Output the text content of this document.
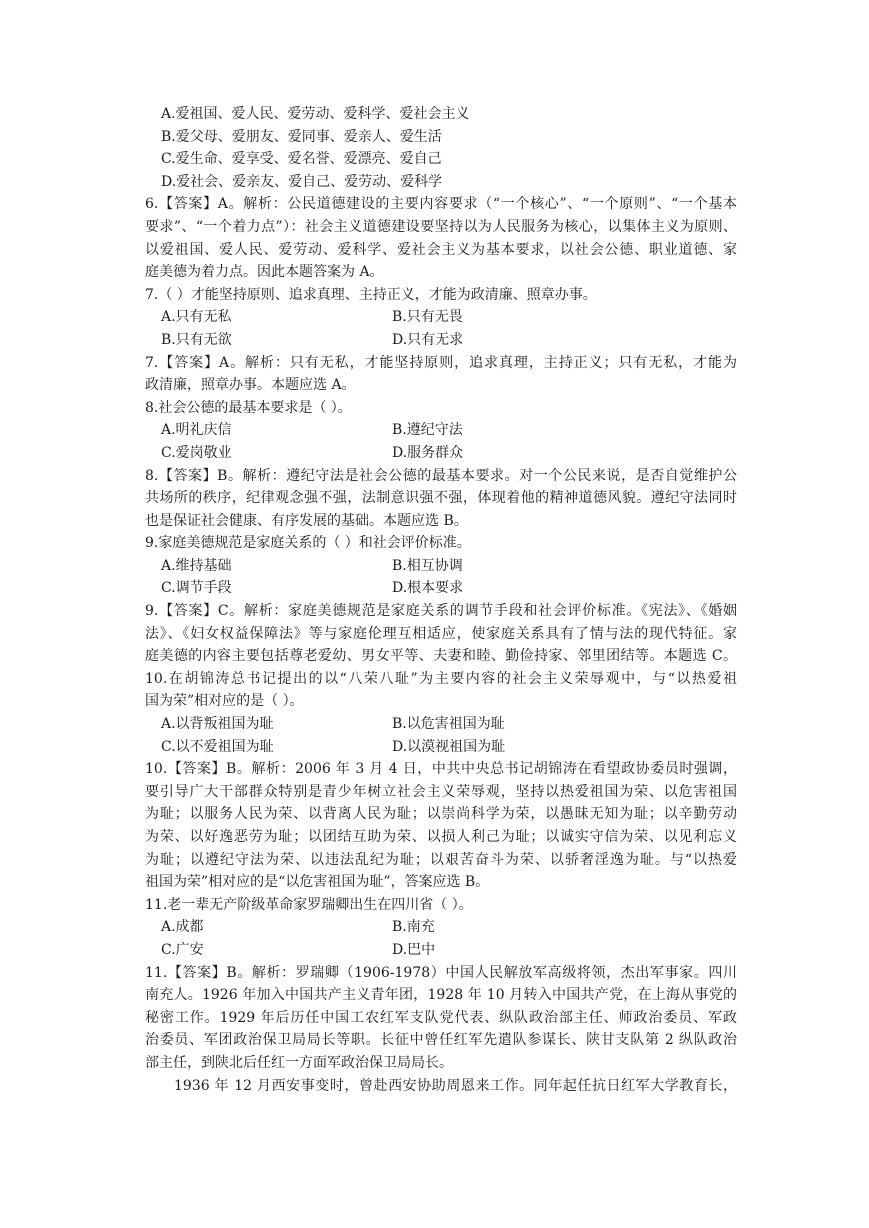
A.爱祖国、爱人民、爱劳动、爱科学、爱社会主义
B.爱父母、爱朋友、爱同事、爱亲人、爱生活
C.爱生命、爱享受、爱名誉、爱漂亮、爱自己
D.爱社会、爱亲友、爱自己、爱劳动、爱科学
6.【答案】A。解析：公民道德建设的主要内容要求（“一个核心”、“一个原则”、“一个基本
要求”、“一个着力点”）：社会主义道德建设要坚持以为人民服务为核心，以集体主义为原则、
以爱祖国、爱人民、爱劳动、爱科学、爱社会主义为基本要求，以社会公德、职业道德、家
庭美德为着力点。因此本题答案为 A。
7.（ ）才能坚持原则、追求真理、主持正义，才能为政清廉、照章办事。
A.只有无私	B.只有无畏
B.只有无欲	D.只有无求
7.【答案】A。解析：只有无私，才能坚持原则，追求真理，主持正义；只有无私，才能为
政清廉，照章办事。本题应选 A。
8.社会公德的最基本要求是（ ）。
A.明礼庆信	B.遵纪守法
C.爱岗敬业	D.服务群众
8.【答案】B。解析：遵纪守法是社会公德的最基本要求。对一个公民来说，是否自觉维护公
共场所的秩序，纪律观念强不强，法制意识强不强，体现着他的精神道德风貌。遵纪守法同时
也是保证社会健康、有序发展的基础。本题应选 B。
9.家庭美德规范是家庭关系的（ ）和社会评价标准。
A.维持基础	B.相互协调
C.调节手段	D.根本要求
9.【答案】C。解析：家庭美德规范是家庭关系的调节手段和社会评价标准。《宪法》、《婚姻
法》、《妇女权益保障法》等与家庭伦理互相适应，使家庭关系具有了情与法的现代特征。家
庭美德的内容主要包括尊老爱幼、男女平等、夫妻和睦、勤俭持家、邻里团结等。本题选 C。
10.在胡锦涛总书记提出的以“八荣八耻”为主要内容的社会主义荣辱观中，与“以热爱祖
国为荣”相对应的是（ ）。
A.以背叛祖国为耻	B.以危害祖国为耻
C.以不爱祖国为耻	D.以漠视祖国为耻
10.【答案】B。解析：2006 年 3 月 4 日，中共中央总书记胡锦涛在看望政协委员时强调，
要引导广大干部群众特别是青少年树立社会主义荣辱观，坚持以热爱祖国为荣、以危害祖国
为耻；以服务人民为荣、以背离人民为耻；以崇尚科学为荣，以愚昧无知为耻；以辛勤劳动
为荣、以好逸恶劳为耻；以团结互助为荣、以损人利己为耻；以诚实守信为荣、以见利忘义
为耻；以遵纪守法为荣、以违法乱纪为耻；以艰苦奋斗为荣、以骄奢淫逸为耻。与“以热爱
祖国为荣”相对应的是“以危害祖国为耻”，答案应选 B。
11.老一辈无产阶级革命家罗瑞卿出生在四川省（ ）。
A.成都	B.南充
C.广安	D.巴中
11.【答案】B。解析：罗瑞卿（1906-1978）中国人民解放军高级将领，杰出军事家。四川
南充人。1926 年加入中国共产主义青年团，1928 年 10 月转入中国共产党，在上海从事党的
秘密工作。1929 年后历任中国工农红军支队党代表、纵队政治部主任、师政治委员、军政
治委员、军团政治保卫局局长等职。长征中曾任红军先遣队参谋长、陕甘支队第 2 纵队政治
部主任，到陕北后任红一方面军政治保卫局局长。
1936 年 12 月西安事变时，曾赴西安协助周恩来工作。同年起任抗日红军大学教育长，
